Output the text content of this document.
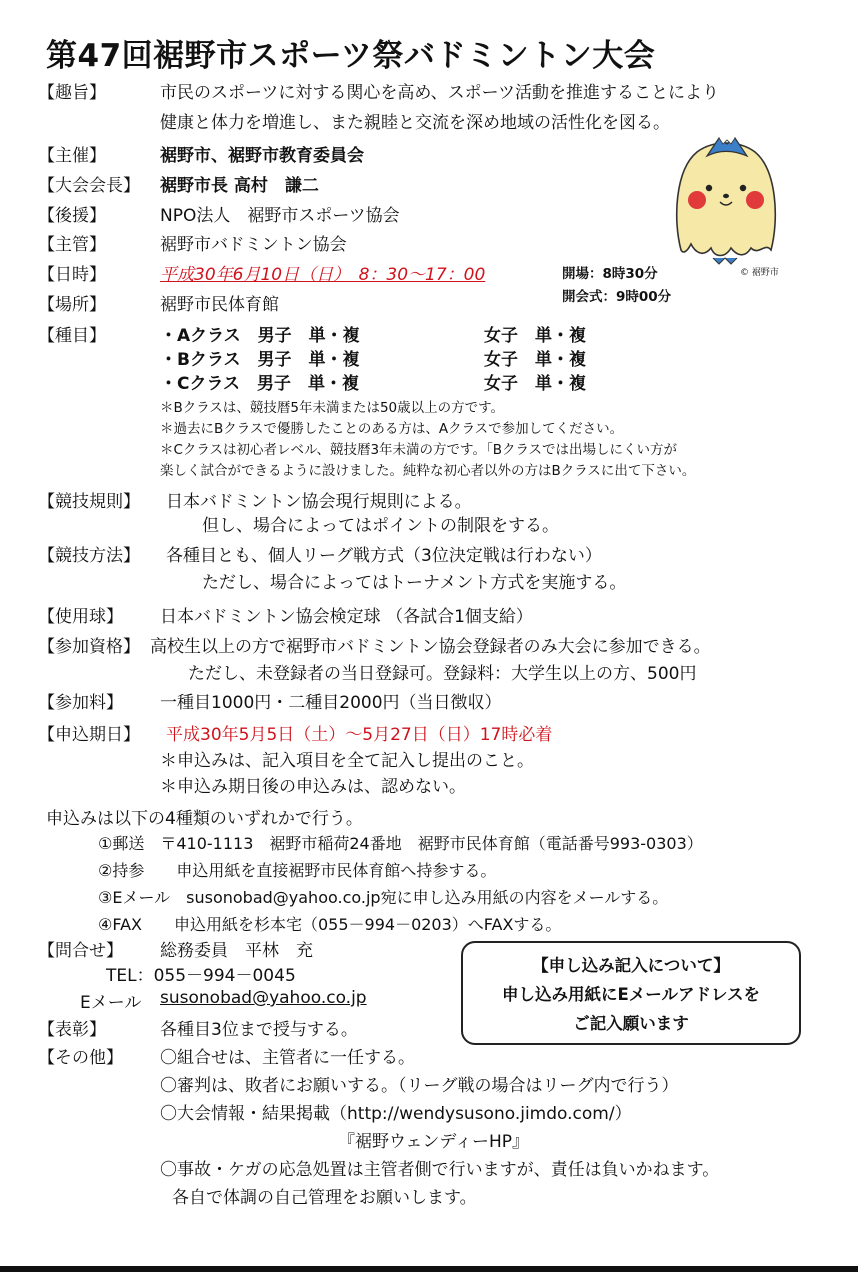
第47回裾野市スポーツ祭バドミントン大会
【趣旨】	市民のスポーツに対する関心を高め、スポーツ活動を推進することにより
健康と体力を増進し、また親睦と交流を深め地域の活性化を図る。
【主催】	裾野市、裾野市教育委員会
【大会会長】 裾野市長 高村　謙二
【後援】	NPO法人　裾野市スポーツ協会
【主管】	裾野市バドミントン協会
【日時】	平成30年6月10日（日）　8：30～17：00	開場：8時30分
開会式：9時00分
【場所】	裾野市民体育館
© 裾野市
【種目】	・Aクラス　男子　単・複	女子　単・複
・Bクラス　男子　単・複	女子　単・複
・Cクラス　男子　単・複	女子　単・複
＊Bクラスは、競技暦5年未満または50歳以上の方です。
＊過去にBクラスで優勝したことのある方は、Aクラスで参加してください。
＊Cクラスは初心者レベル、競技暦3年未満の方です。「Bクラスでは出場しにくい方が
楽しく試合ができるように設けました。純粋な初心者以外の方はBクラスに出て下さい。
【競技規則】 日本バドミントン協会現行規則による。
但し、場合によってはポイントの制限をする。
【競技方法】 各種目とも、個人リーグ戦方式（3位決定戦は行わない）
ただし、場合によってはトーナメント方式を実施する。
【使用球】 日本バドミントン協会検定球 （各試合1個支給）
【参加資格】 高校生以上の方で裾野市バドミントン協会登録者のみ大会に参加できる。
ただし、未登録者の当日登録可。登録料：大学生以上の方、500円
【参加料】 一種目1000円・二種目2000円（当日徴収）
【申込期日】 平成30年5月5日（土）～5月27日（日）17時必着
＊申込みは、記入項目を全て記入し提出のこと。
＊申込み期日後の申込みは、認めない。
申込みは以下の4種類のいずれかで行う。
①郵送　〒410-1113　裾野市稲荷24番地　裾野市民体育館（電話番号993-0303）
②持参　　申込用紙を直接裾野市民体育館へ持参する。
③Eメール　susonobad@yahoo.co.jp宛に申し込み用紙の内容をメールする。
④FAX　　申込用紙を杉本宅（055－994－0203）へFAXする。
【問合せ】 総務委員　平林　充
TEL：055－994－0045
Eメール susonobad@yahoo.co.jp
【申し込み記入について】
申し込み用紙にEメールアドレスを
ご記入願います
【表彰】	各種目3位まで授与する。
【その他】 〇組合せは、主管者に一任する。
〇審判は、敗者にお願いする。（リーグ戦の場合はリーグ内で行う）
〇大会情報・結果掲載（http://wendysusono.jimdo.com/）
『裾野ウェンディーHP』
〇事故・ケガの応急処置は主管者側で行いますが、責任は負いかねます。
各自で体調の自己管理をお願いします。
